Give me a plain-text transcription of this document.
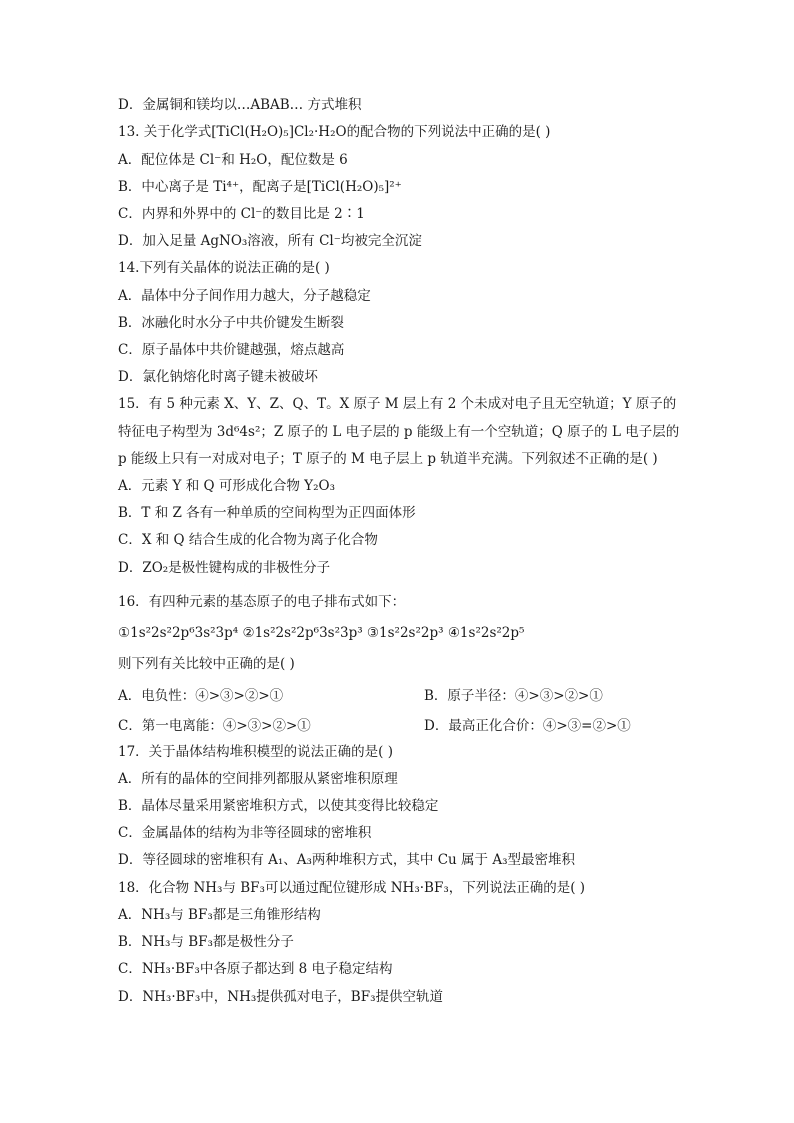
D．金属铜和镁均以…ABAB… 方式堆积
13. 关于化学式[TiCl(H₂O)₅]Cl₂·H₂O的配合物的下列说法中正确的是( )
A．配位体是 Cl⁻和 H₂O，配位数是 6
B．中心离子是 Ti⁴⁺，配离子是[TiCl(H₂O)₅]²⁺
C．内界和外界中的 Cl⁻的数目比是 2∶1
D．加入足量 AgNO₃溶液，所有 Cl⁻均被完全沉淀
14.下列有关晶体的说法正确的是( )
A．晶体中分子间作用力越大，分子越稳定
B．冰融化时水分子中共价键发生断裂
C．原子晶体中共价键越强，熔点越高
D．氯化钠熔化时离子键未被破坏
15．有 5 种元素 X、Y、Z、Q、T。X 原子 M 层上有 2 个未成对电子且无空轨道；Y 原子的
特征电子构型为 3d⁶4s²；Z 原子的 L 电子层的 p 能级上有一个空轨道；Q 原子的 L 电子层的
p 能级上只有一对成对电子；T 原子的 M 电子层上 p 轨道半充满。下列叙述不正确的是( )
A．元素 Y 和 Q 可形成化合物 Y₂O₃
B．T 和 Z 各有一种单质的空间构型为正四面体形
C．X 和 Q 结合生成的化合物为离子化合物
D．ZO₂是极性键构成的非极性分子
16．有四种元素的基态原子的电子排布式如下：
①1s²2s²2p⁶3s²3p⁴ ②1s²2s²2p⁶3s²3p³ ③1s²2s²2p³ ④1s²2s²2p⁵
则下列有关比较中正确的是( )
A．电负性：④>③>②>①	B．原子半径：④>③>②>①
C．第一电离能：④>③>②>①	D．最高正化合价：④>③=②>①
17．关于晶体结构堆积模型的说法正确的是( )
A．所有的晶体的空间排列都服从紧密堆积原理
B．晶体尽量采用紧密堆积方式，以使其变得比较稳定
C．金属晶体的结构为非等径圆球的密堆积
D．等径圆球的密堆积有 A₁、A₃两种堆积方式，其中 Cu 属于 A₃型最密堆积
18．化合物 NH₃与 BF₃可以通过配位键形成 NH₃·BF₃，下列说法正确的是( )
A．NH₃与 BF₃都是三角锥形结构
B．NH₃与 BF₃都是极性分子
C．NH₃·BF₃中各原子都达到 8 电子稳定结构
D．NH₃·BF₃中，NH₃提供孤对电子，BF₃提供空轨道
